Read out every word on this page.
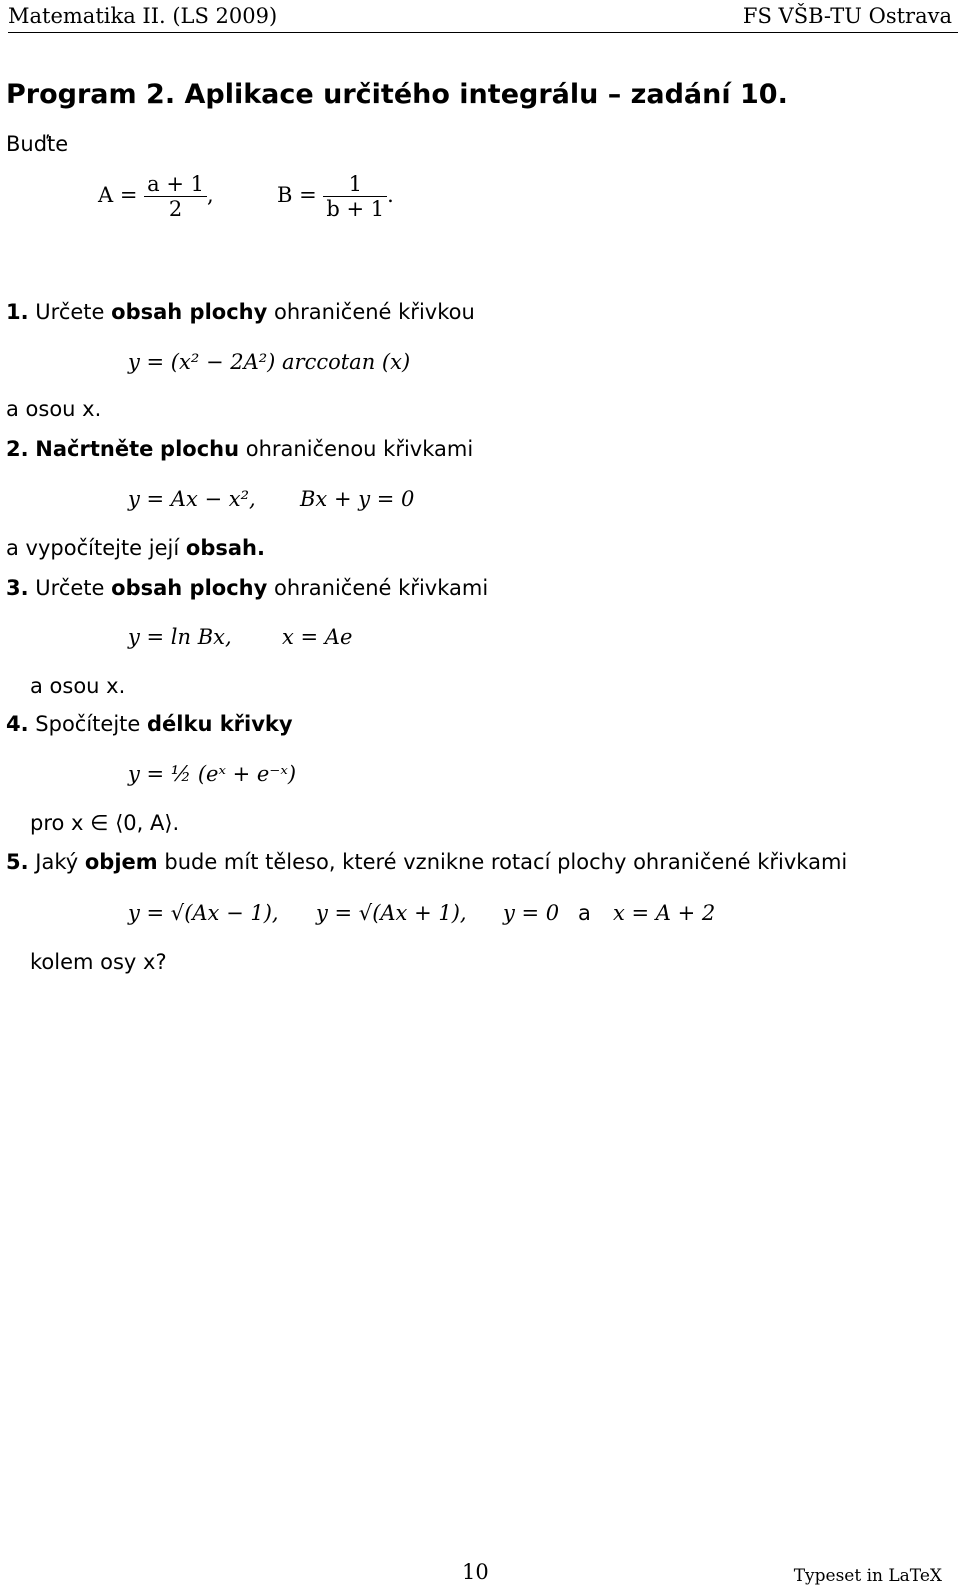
Matematika II. (LS 2009)	FS VŠB-TU Ostrava
Program 2. Aplikace určitého integrálu – zadání 10.
Buďte
$A = \frac{a + 1}{2}$ ,	$B = \frac{1}{b + 1}$ .
1. Určete obsah plochy ohraničené křivkou
y = (x² − 2A²) arccotan (x)
a osou x.
2. Načrtněte plochu ohraničenou křivkami
y = Ax − x², Bx + y = 0
a vypočítejte její obsah.
3. Určete obsah plochy ohraničené křivkami
y = ln Bx, x = Ae
a osou x.
4. Spočítejte délku křivky
y = ½ (eˣ + e⁻ˣ)
pro x ∈ ⟨0, A⟩.
5. Jaký objem bude mít těleso, které vznikne rotací plochy ohraničené křivkami
y = √(Ax − 1), y = √(Ax + 1), y = 0 a x = A + 2
kolem osy x?
10	Typeset in LaTeX
